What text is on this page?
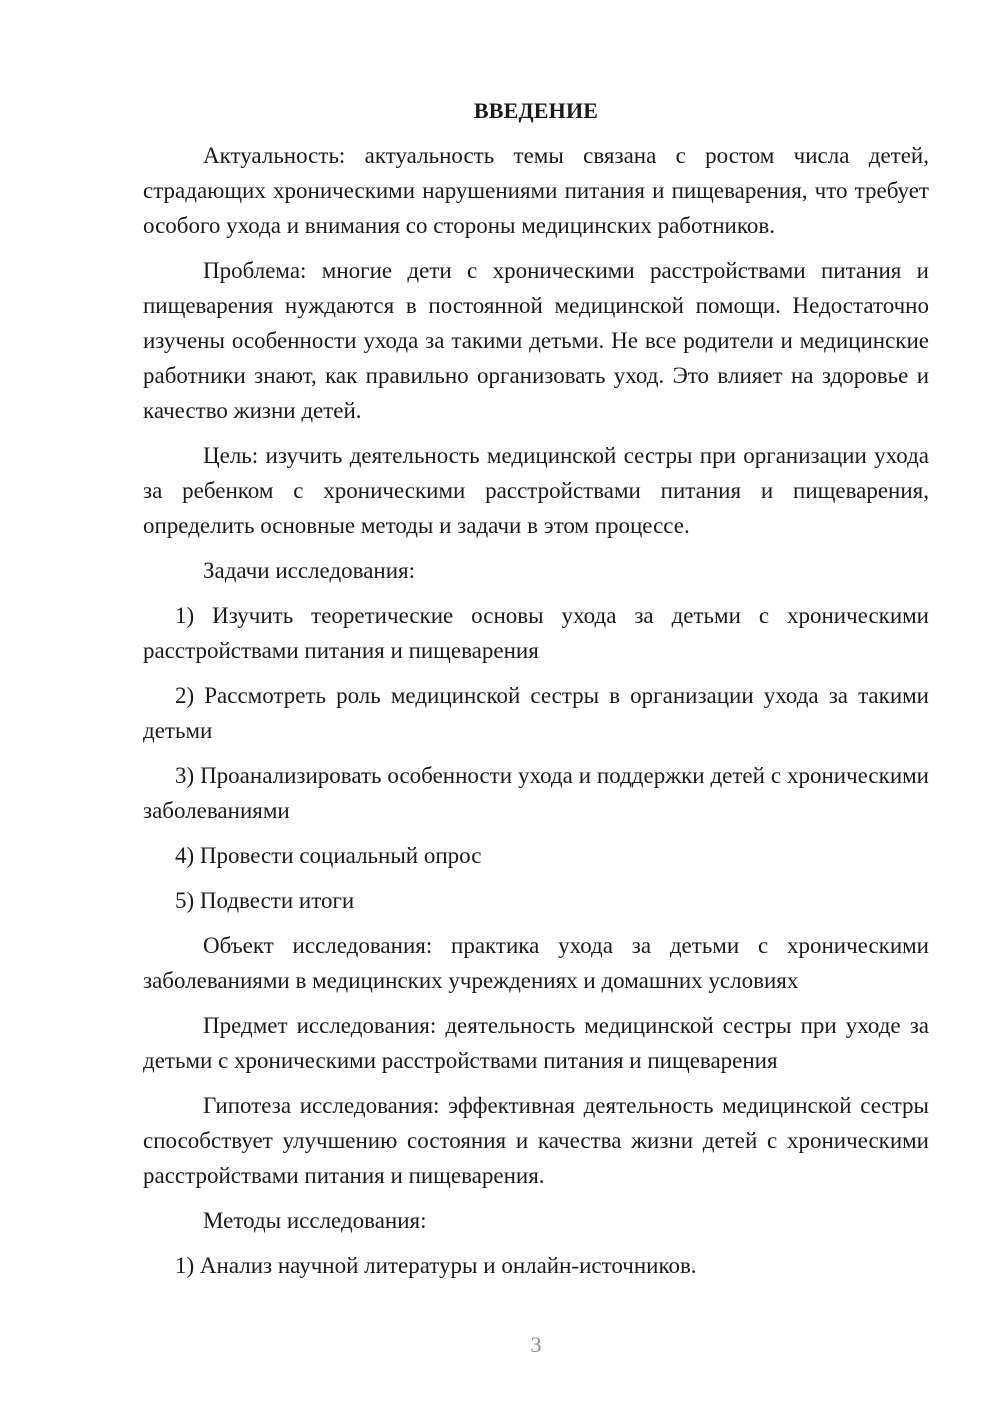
ВВЕДЕНИЕ

Актуальность: актуальность темы связана с ростом числа детей, страдающих хроническими нарушениями питания и пищеварения, что требует особого ухода и внимания со стороны медицинских работников.

Проблема: многие дети с хроническими расстройствами питания и пищеварения нуждаются в постоянной медицинской помощи. Недостаточно изучены особенности ухода за такими детьми. Не все родители и медицинские работники знают, как правильно организовать уход. Это влияет на здоровье и качество жизни детей.

Цель: изучить деятельность медицинской сестры при организации ухода за ребенком с хроническими расстройствами питания и пищеварения, определить основные методы и задачи в этом процессе.

Задачи исследования:

1) Изучить теоретические основы ухода за детьми с хроническими расстройствами питания и пищеварения

2) Рассмотреть роль медицинской сестры в организации ухода за такими детьми

3) Проанализировать особенности ухода и поддержки детей с хроническими заболеваниями

4) Провести социальный опрос

5) Подвести итоги

Объект исследования: практика ухода за детьми с хроническими заболеваниями в медицинских учреждениях и домашних условиях

Предмет исследования: деятельность медицинской сестры при уходе за детьми с хроническими расстройствами питания и пищеварения

Гипотеза исследования: эффективная деятельность медицинской сестры способствует улучшению состояния и качества жизни детей с хроническими расстройствами питания и пищеварения.

Методы исследования:

1) Анализ научной литературы и онлайн-источников.

3
